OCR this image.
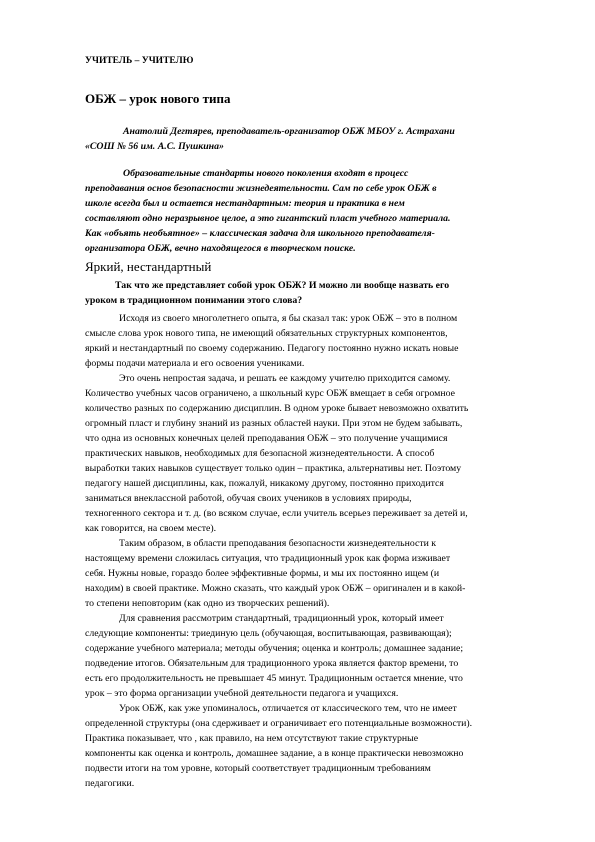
УЧИТЕЛЬ – УЧИТЕЛЮ
ОБЖ – урок нового типа
Анатолий Дегтярев, преподаватель-организатор ОБЖ МБОУ г. Астрахани
«СОШ № 56 им. А.С. Пушкина»
Образовательные стандарты нового поколения входят в процесс
преподавания основ безопасности жизнедеятельности. Сам по себе урок ОБЖ в
школе всегда был и остается нестандартным: теория и практика в нем
составляют одно неразрывное целое, а это гигантский пласт учебного материала.
Как «объять необъятное» – классическая задача для школьного преподавателя-
организатора ОБЖ, вечно находящегося в творческом поиске.
Яркий, нестандартный
Так что же представляет собой урок ОБЖ? И можно ли вообще назвать его
уроком в традиционном понимании этого слова?

Исходя из своего многолетнего опыта, я бы сказал так: урок ОБЖ – это в полном
смысле слова урок нового типа, не имеющий обязательных структурных компонентов,
яркий и нестандартный по своему содержанию. Педагогу постоянно нужно искать новые
формы подачи материала и его освоения учениками.

Это очень непростая задача, и решать ее каждому учителю приходится самому.
Количество учебных часов ограничено, а школьный курс ОБЖ вмещает в себя огромное
количество разных по содержанию дисциплин. В одном уроке бывает невозможно охватить
огромный пласт и глубину знаний из разных областей науки. При этом не будем забывать,
что одна из основных конечных целей преподавания ОБЖ – это получение учащимися
практических навыков, необходимых для безопасной жизнедеятельности. А способ
выработки таких навыков существует только один – практика, альтернативы нет. Поэтому
педагогу нашей дисциплины, как, пожалуй, никакому другому, постоянно приходится
заниматься внеклассной работой, обучая своих учеников в условиях природы,
техногенного сектора и т. д. (во всяком случае, если учитель всерьез переживает за детей и,
как говорится, на своем месте).

Таким образом, в области преподавания безопасности жизнедеятельности к
настоящему времени сложилась ситуация, что традиционный урок как форма изживает
себя. Нужны новые, гораздо более эффективные формы, и мы их постоянно ищем (и
находим) в своей практике. Можно сказать, что каждый урок ОБЖ – оригинален и в какой-
то степени неповторим (как одно из творческих решений).

Для сравнения рассмотрим стандартный, традиционный урок, который имеет
следующие компоненты: триединую цель (обучающая, воспитывающая, развивающая);
содержание учебного материала; методы обучения; оценка и контроль; домашнее задание;
подведение итогов. Обязательным для традиционного урока является фактор времени, то
есть его продолжительность не превышает 45 минут. Традиционным остается мнение, что
урок – это форма организации учебной деятельности педагога и учащихся.

Урок ОБЖ, как уже упоминалось, отличается от классического тем, что не имеет
определенной структуры (она сдерживает и ограничивает его потенциальные возможности).
Практика показывает, что , как правило, на нем отсутствуют такие структурные
компоненты как оценка и контроль, домашнее задание, а в конце практически невозможно
подвести итоги на том уровне, который соответствует традиционным требованиям
педагогики.
